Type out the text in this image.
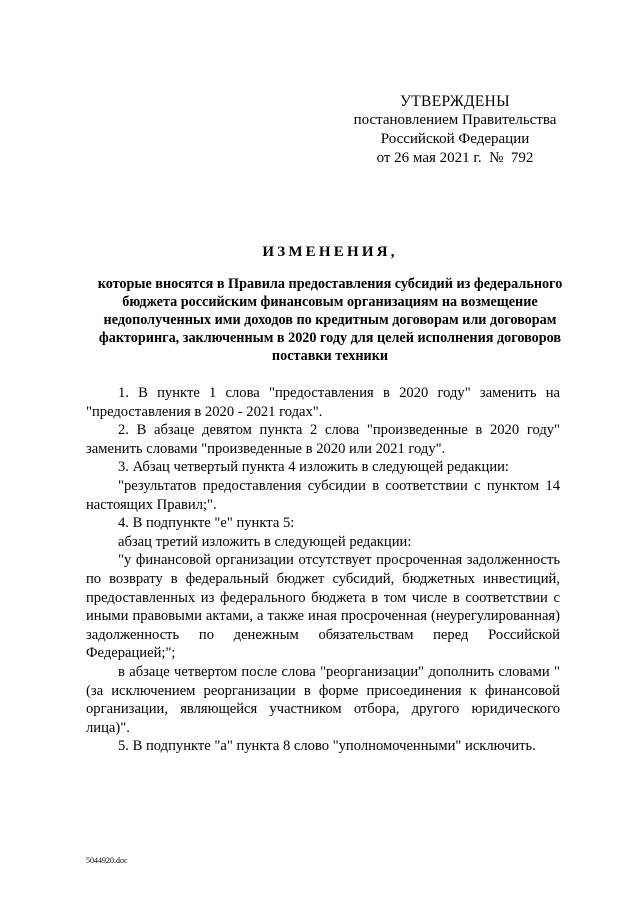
УТВЕРЖДЕНЫ
постановлением Правительства
Российской Федерации
от 26 мая 2021 г.  №  792
ИЗМЕНЕНИЯ,
которые вносятся в Правила предоставления субсидий из федерального бюджета российским финансовым организациям на возмещение недополученных ими доходов по кредитным договорам или договорам факторинга, заключенным в 2020 году для целей исполнения договоров поставки техники

1. В пункте 1 слова "предоставления в 2020 году" заменить на "предоставления в 2020 - 2021 годах".

2. В абзаце девятом пункта 2 слова "произведенные в 2020 году" заменить словами "произведенные в 2020 или 2021 году".

3. Абзац четвертый пункта 4 изложить в следующей редакции:

"результатов предоставления субсидии в соответствии с пунктом 14 настоящих Правил;".

4. В подпункте "е" пункта 5:

абзац третий изложить в следующей редакции:

"у финансовой организации отсутствует просроченная задолженность по возврату в федеральный бюджет субсидий, бюджетных инвестиций, предоставленных из федерального бюджета в том числе в соответствии с иными правовыми актами, а также иная просроченная (неурегулированная) задолженность по денежным обязательствам перед Российской Федерацией;";

в абзаце четвертом после слова "реорганизации" дополнить словами "(за исключением реорганизации в форме присоединения к финансовой организации, являющейся участником отбора, другого юридического лица)".

5. В подпункте "а" пункта 8 слово "уполномоченными" исключить.

5044920.doc
